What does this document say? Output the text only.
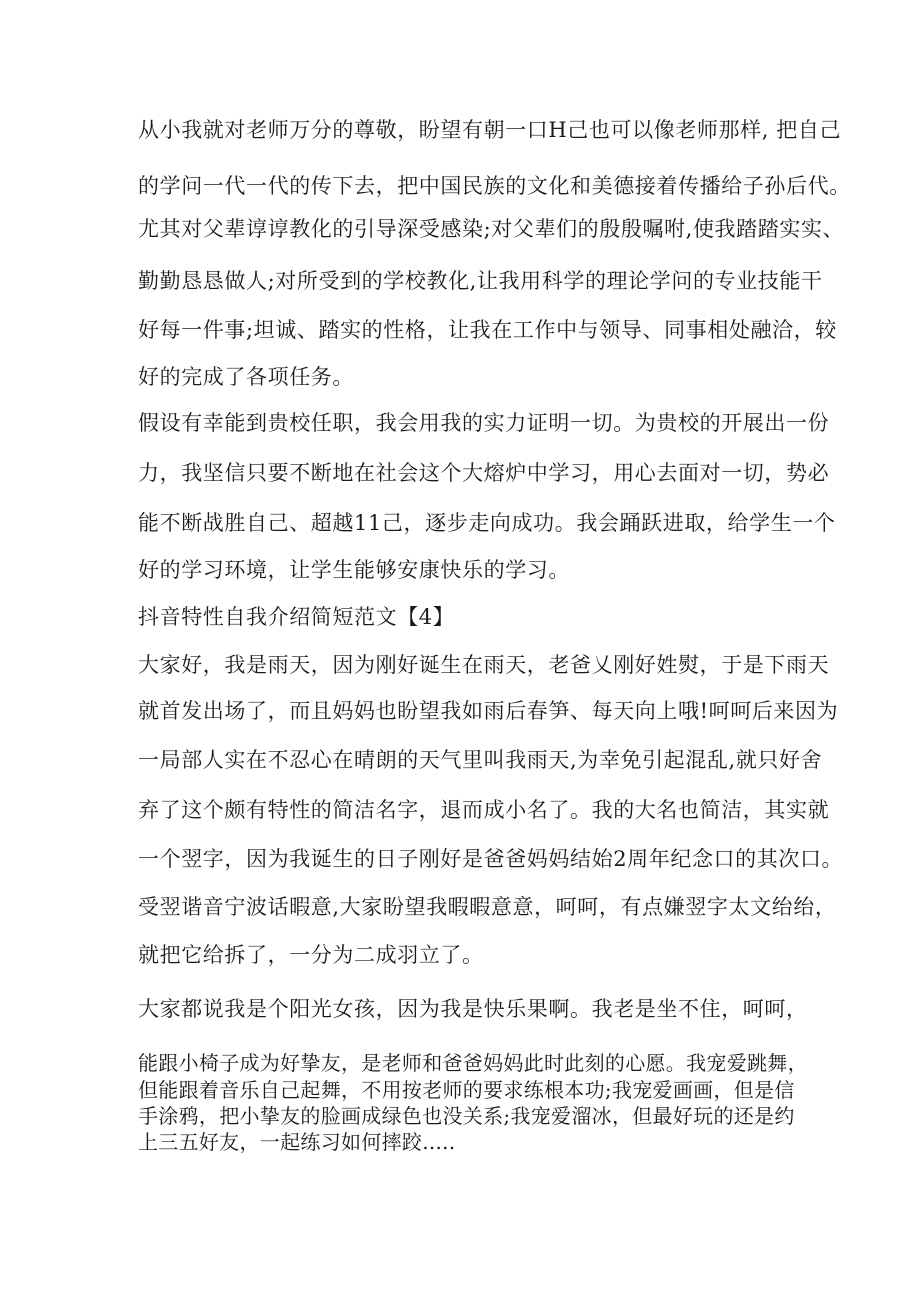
从小我就对老师万分的尊敬，盼望有朝一口H己也可以像老师那样, 把自己
的学问一代一代的传下去，把中国民族的文化和美德接着传播给子孙后代。
尤其对父辈谆谆教化的引导深受感染;对父辈们的殷殷嘱咐,使我踏踏实实、
勤勤恳恳做人;对所受到的学校教化,让我用科学的理论学问的专业技能干
好每一件事;坦诚、踏实的性格，让我在工作中与领导、同事相处融洽，较
好的完成了各项任务。
假设有幸能到贵校任职，我会用我的实力证明一切。为贵校的开展出一份
力，我坚信只要不断地在社会这个大熔炉中学习，用心去面对一切，势必
能不断战胜自己、超越11己，逐步走向成功。我会踊跃进取，给学生一个
好的学习环境，让学生能够安康快乐的学习。
抖音特性自我介绍简短范文【4】
大家好，我是雨天，因为刚好诞生在雨天，老爸乂刚好姓熨，于是下雨天
就首发出场了，而且妈妈也盼望我如雨后春笋、每天向上哦!呵呵后来因为
一局部人实在不忍心在晴朗的天气里叫我雨天,为幸免引起混乱,就只好舍
弃了这个颇有特性的简洁名字，退而成小名了。我的大名也简洁，其实就
一个翌字，因为我诞生的日子刚好是爸爸妈妈结始2周年纪念口的其次口。
受翌谐音宁波话暇意,大家盼望我暇暇意意，呵呵，有点嫌翌字太文绐绐，
就把它给拆了，一分为二成羽立了。
大家都说我是个阳光女孩，因为我是快乐果啊。我老是坐不住，呵呵，
能跟小椅子成为好挚友，是老师和爸爸妈妈此时此刻的心愿。我宠爱跳舞，
但能跟着音乐自己起舞，不用按老师的要求练根本功;我宠爱画画，但是信
手涂鸦，把小挚友的脸画成绿色也没关系;我宠爱溜冰，但最好玩的还是约
上三五好友，一起练习如何摔跤.....
